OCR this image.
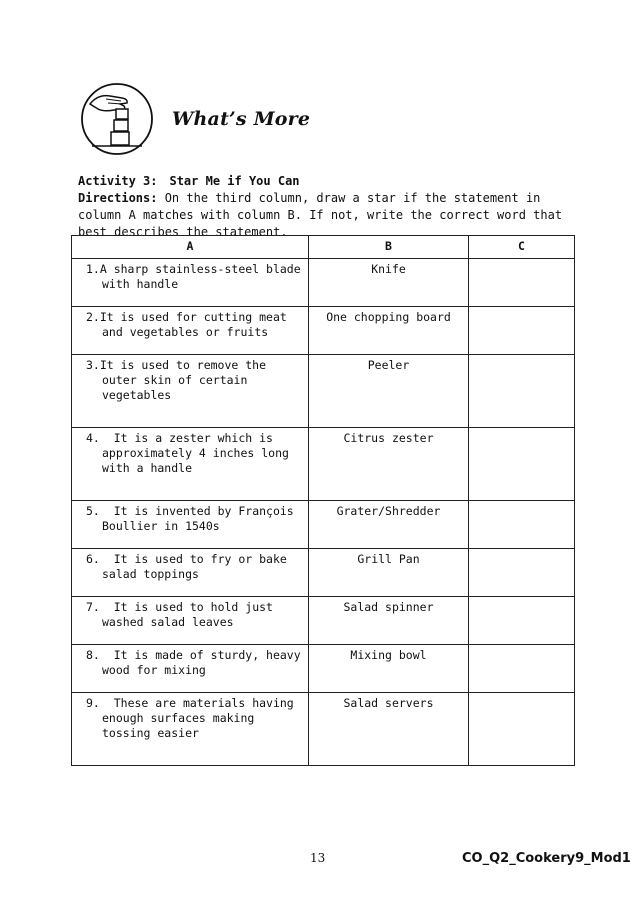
What’s More
Activity 3: Star Me if You Can
Directions: On the third column, draw a star if the statement in column A matches with column B. If not, write the correct word that best describes the statement.
A	B	C

1.A sharp stainless-steel blade with handle	Knife	

2.It is used for cutting meat and vegetables or fruits	One chopping board	

3.It is used to remove the outer skin of certain vegetables	Peeler	

4. It is a zester which is approximately 4 inches long with a handle	Citrus zester	

5. It is invented by François Boullier in 1540s	Grater/Shredder	

6. It is used to fry or bake salad toppings	Grill Pan	

7. It is used to hold just washed salad leaves	Salad spinner	

8. It is made of sturdy, heavy wood for mixing	Mixing bowl	

9. These are materials having enough surfaces making tossing easier	Salad servers	
13	CO_Q2_Cookery9_Mod1
